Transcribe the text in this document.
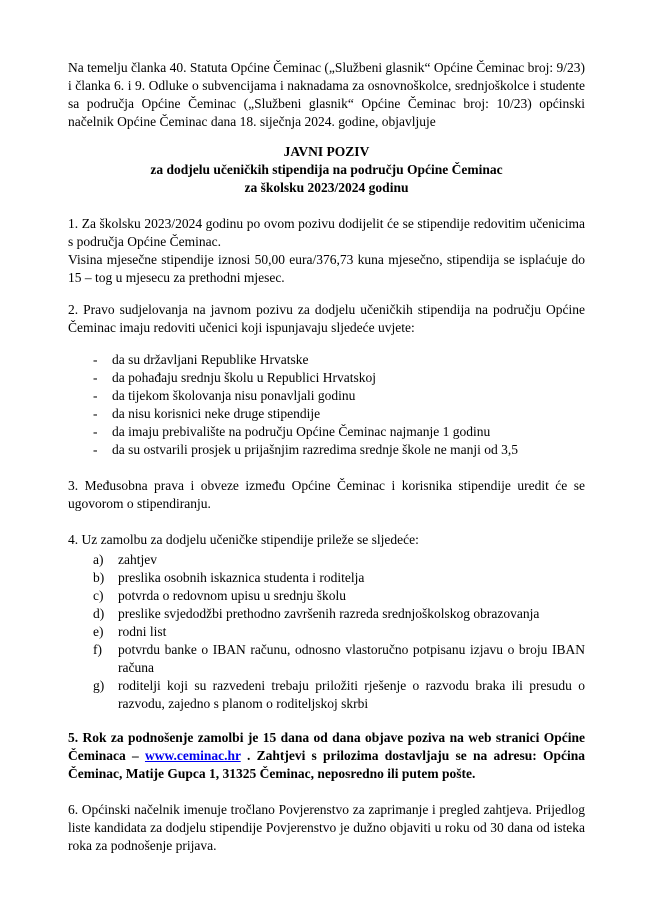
Na temelju članka 40. Statuta Općine Čeminac („Službeni glasnik“ Općine Čeminac broj: 9/23) i članka 6. i 9. Odluke o subvencijama i naknadama za osnovnoškolce, srednjoškolce i studente sa područja Općine Čeminac („Službeni glasnik“ Općine Čeminac broj: 10/23) općinski načelnik Općine Čeminac dana 18. siječnja 2024. godine, objavljuje

JAVNI POZIV
za dodjelu učeničkih stipendija na području Općine Čeminac
za školsku 2023/2024 godinu

1. Za školsku 2023/2024 godinu po ovom pozivu dodijelit će se stipendije redovitim učenicima s područja Općine Čeminac.

Visina mjesečne stipendije iznosi 50,00 eura/376,73 kuna mjesečno, stipendija se isplaćuje do 15 – tog u mjesecu za prethodni mjesec.

2. Pravo sudjelovanja na javnom pozivu za dodjelu učeničkih stipendija na području Općine Čeminac imaju redoviti učenici koji ispunjavaju sljedeće uvjete:

-	da su državljani Republike Hrvatske
-	da pohađaju srednju školu u Republici Hrvatskoj
-	da tijekom školovanja nisu ponavljali godinu
-	da nisu korisnici neke druge stipendije
-	da imaju prebivalište na području Općine Čeminac najmanje 1 godinu
-	da su ostvarili prosjek u prijašnjim razredima srednje škole ne manji od 3,5

3. Međusobna prava i obveze između Općine Čeminac i korisnika stipendije uredit će se ugovorom o stipendiranju.

4. Uz zamolbu za dodjelu učeničke stipendije prileže se sljedeće:

a)	zahtjev
b)	preslika osobnih iskaznica studenta i roditelja
c)	potvrda o redovnom upisu u srednju školu
d)	preslike svjedodžbi prethodno završenih razreda srednjoškolskog obrazovanja
e)	rodni list
f)	potvrdu banke o IBAN računu, odnosno vlastoručno potpisanu izjavu o broju IBAN računa
g)	roditelji koji su razvedeni trebaju priložiti rješenje o razvodu braka ili presudu o razvodu, zajedno s planom o roditeljskoj skrbi

5. Rok za podnošenje zamolbi je 15 dana od dana objave poziva na web stranici Općine Čeminaca – www.ceminac.hr . Zahtjevi s prilozima dostavljaju se na adresu: Općina Čeminac, Matije Gupca 1, 31325 Čeminac, neposredno ili putem pošte.

6. Općinski načelnik imenuje tročlano Povjerenstvo za zaprimanje i pregled zahtjeva. Prijedlog liste kandidata za dodjelu stipendije Povjerenstvo je dužno objaviti u roku od 30 dana od isteka roka za podnošenje prijava.
